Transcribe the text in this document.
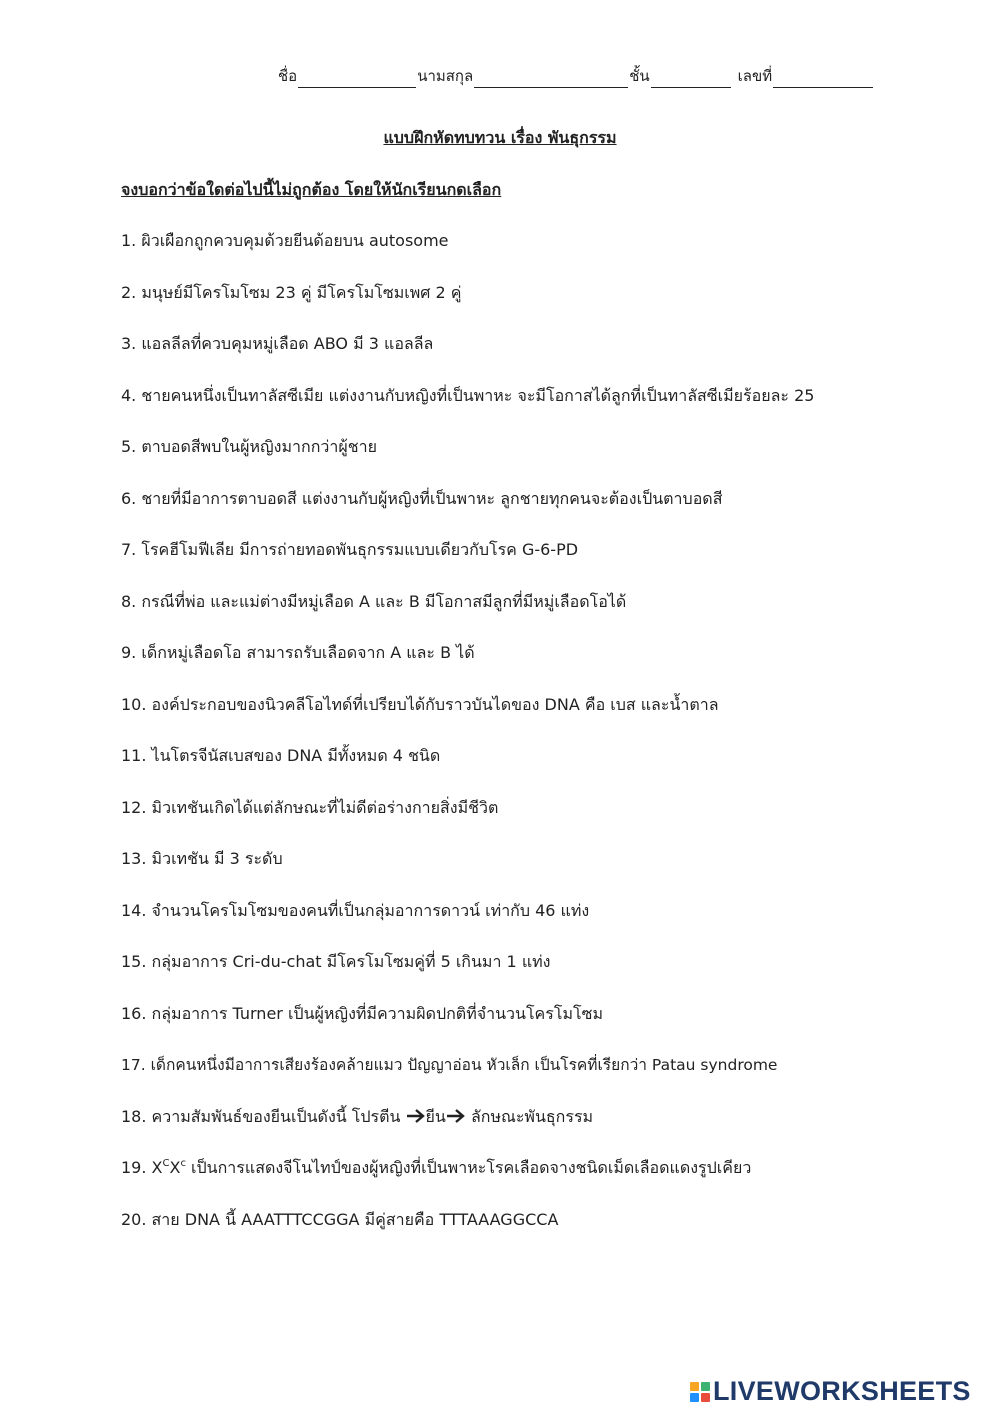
ชื่อ	นามสกุล	ชั้น	เลขที่
แบบฝึกหัดทบทวน เรื่อง พันธุกรรม
จงบอกว่าข้อใดต่อไปนี้ไม่ถูกต้อง โดยให้นักเรียนกดเลือก
1. ผิวเผือกถูกควบคุมด้วยยีนด้อยบน autosome
2. มนุษย์มีโครโมโซม 23 คู่ มีโครโมโซมเพศ 2 คู่
3. แอลลีลที่ควบคุมหมู่เลือด ABO มี 3 แอลลีล
4. ชายคนหนึ่งเป็นทาลัสซีเมีย แต่งงานกับหญิงที่เป็นพาหะ จะมีโอกาสได้ลูกที่เป็นทาลัสซีเมียร้อยละ 25
5. ตาบอดสีพบในผู้หญิงมากกว่าผู้ชาย
6. ชายที่มีอาการตาบอดสี แต่งงานกับผู้หญิงที่เป็นพาหะ ลูกชายทุกคนจะต้องเป็นตาบอดสี
7. โรคฮีโมฟีเลีย มีการถ่ายทอดพันธุกรรมแบบเดียวกับโรค G-6-PD
8. กรณีที่พ่อ และแม่ต่างมีหมู่เลือด A และ B มีโอกาสมีลูกที่มีหมู่เลือดโอได้
9. เด็กหมู่เลือดโอ สามารถรับเลือดจาก A และ B ได้
10. องค์ประกอบของนิวคลีโอไทด์ที่เปรียบได้กับราวบันไดของ DNA คือ เบส และน้ำตาล
11. ไนโตรจีนัสเบสของ DNA มีทั้งหมด 4 ชนิด
12. มิวเทชันเกิดได้แต่ลักษณะที่ไม่ดีต่อร่างกายสิ่งมีชีวิต
13. มิวเทชัน มี 3 ระดับ
14. จำนวนโครโมโซมของคนที่เป็นกลุ่มอาการดาวน์ เท่ากับ 46 แท่ง
15. กลุ่มอาการ Cri-du-chat มีโครโมโซมคู่ที่ 5 เกินมา 1 แท่ง
16. กลุ่มอาการ Turner เป็นผู้หญิงที่มีความผิดปกติที่จำนวนโครโมโซม
17. เด็กคนหนึ่งมีอาการเสียงร้องคล้ายแมว ปัญญาอ่อน หัวเล็ก เป็นโรคที่เรียกว่า Patau syndrome
18. ความสัมพันธ์ของยีนเป็นดังนี้ โปรตีน ยีน ลักษณะพันธุกรรม
19. $X^CX^c$ เป็นการแสดงจีโนไทป์ของผู้หญิงที่เป็นพาหะโรคเลือดจางชนิดเม็ดเลือดแดงรูปเคียว
20. สาย DNA นี้ AAATTTCCGGA มีคู่สายคือ TTTAAAGGCCA
LIVEWORKSHEETS
